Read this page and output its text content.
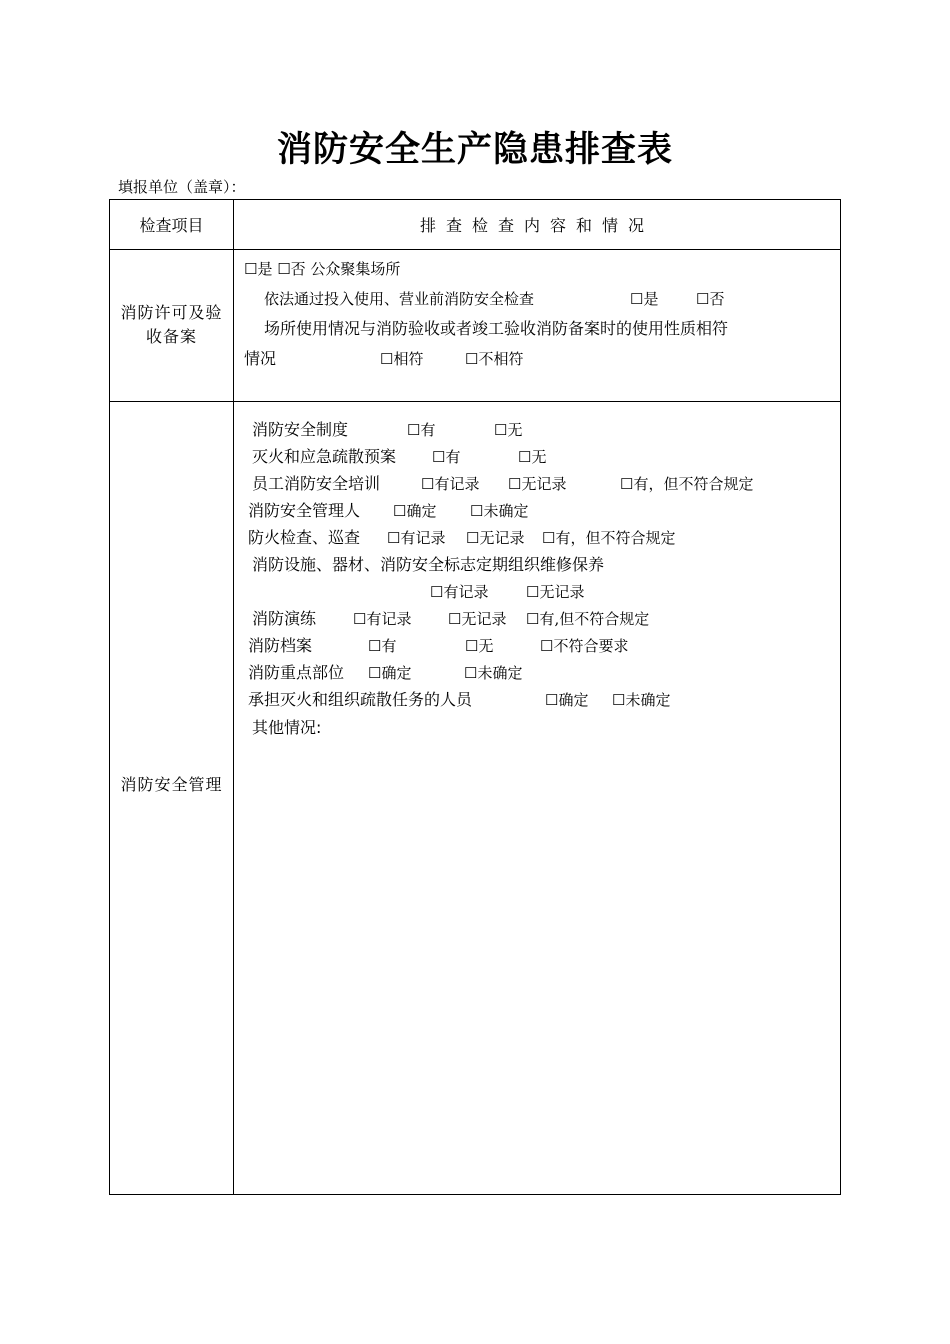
消防安全生产隐患排查表
填报单位（盖章）：
检查项目	排查检查内容和情况
消防许可及验收备案
☐是 ☐否 公众聚集场所
依法通过投入使用、营业前消防安全检查	☐是	☐否
场所使用情况与消防验收或者竣工验收消防备案时的使用性质相符
情况	☐相符	☐不相符
消防安全管理
消防安全制度	☐有	☐无
灭火和应急疏散预案 ☐有	☐无
员工消防安全培训	☐有记录 ☐无记录	☐有，但不符合规定
消防安全管理人 ☐确定 ☐未确定
防火检查、巡查 ☐有记录 ☐无记录 ☐有，但不符合规定
消防设施、器材、消防安全标志定期组织维修保养
☐有记录	☐无记录
消防演练 ☐有记录 ☐无记录 ☐有,但不符合规定
消防档案	☐有	☐无	☐不符合要求
消防重点部位 ☐确定	☐未确定
承担灭火和组织疏散任务的人员	☐确定 ☐未确定
其他情况:
